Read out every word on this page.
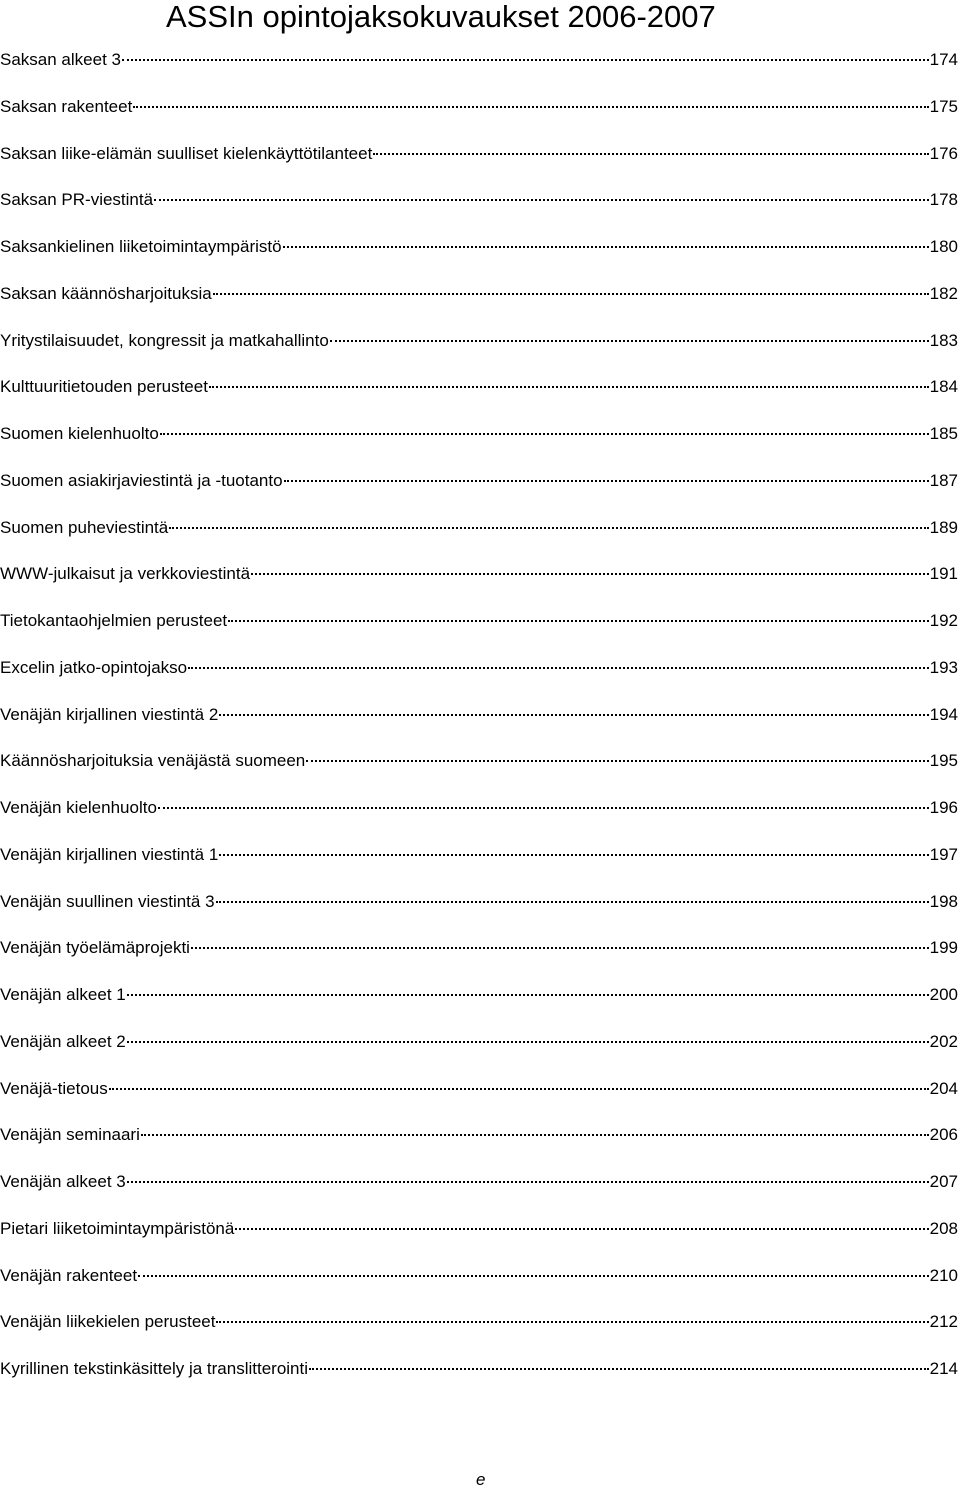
ASSIn opintojaksokuvaukset 2006-2007
Saksan alkeet 3	174
Saksan rakenteet	175
Saksan liike-elämän suulliset kielenkäyttötilanteet	176
Saksan PR-viestintä	178
Saksankielinen liiketoimintaympäristö	180
Saksan käännösharjoituksia	182
Yritystilaisuudet, kongressit ja matkahallinto	183
Kulttuuritietouden perusteet	184
Suomen kielenhuolto	185
Suomen asiakirjaviestintä ja -tuotanto	187
Suomen puheviestintä	189
WWW-julkaisut ja verkkoviestintä	191
Tietokantaohjelmien perusteet	192
Excelin jatko-opintojakso	193
Venäjän kirjallinen viestintä 2	194
Käännösharjoituksia venäjästä suomeen	195
Venäjän kielenhuolto	196
Venäjän kirjallinen viestintä 1	197
Venäjän suullinen viestintä 3	198
Venäjän työelämäprojekti	199
Venäjän alkeet 1	200
Venäjän alkeet 2	202
Venäjä-tietous	204
Venäjän seminaari	206
Venäjän alkeet 3	207
Pietari liiketoimintaympäristönä	208
Venäjän rakenteet	210
Venäjän liikekielen perusteet	212
Kyrillinen tekstinkäsittely ja translitterointi	214
e
